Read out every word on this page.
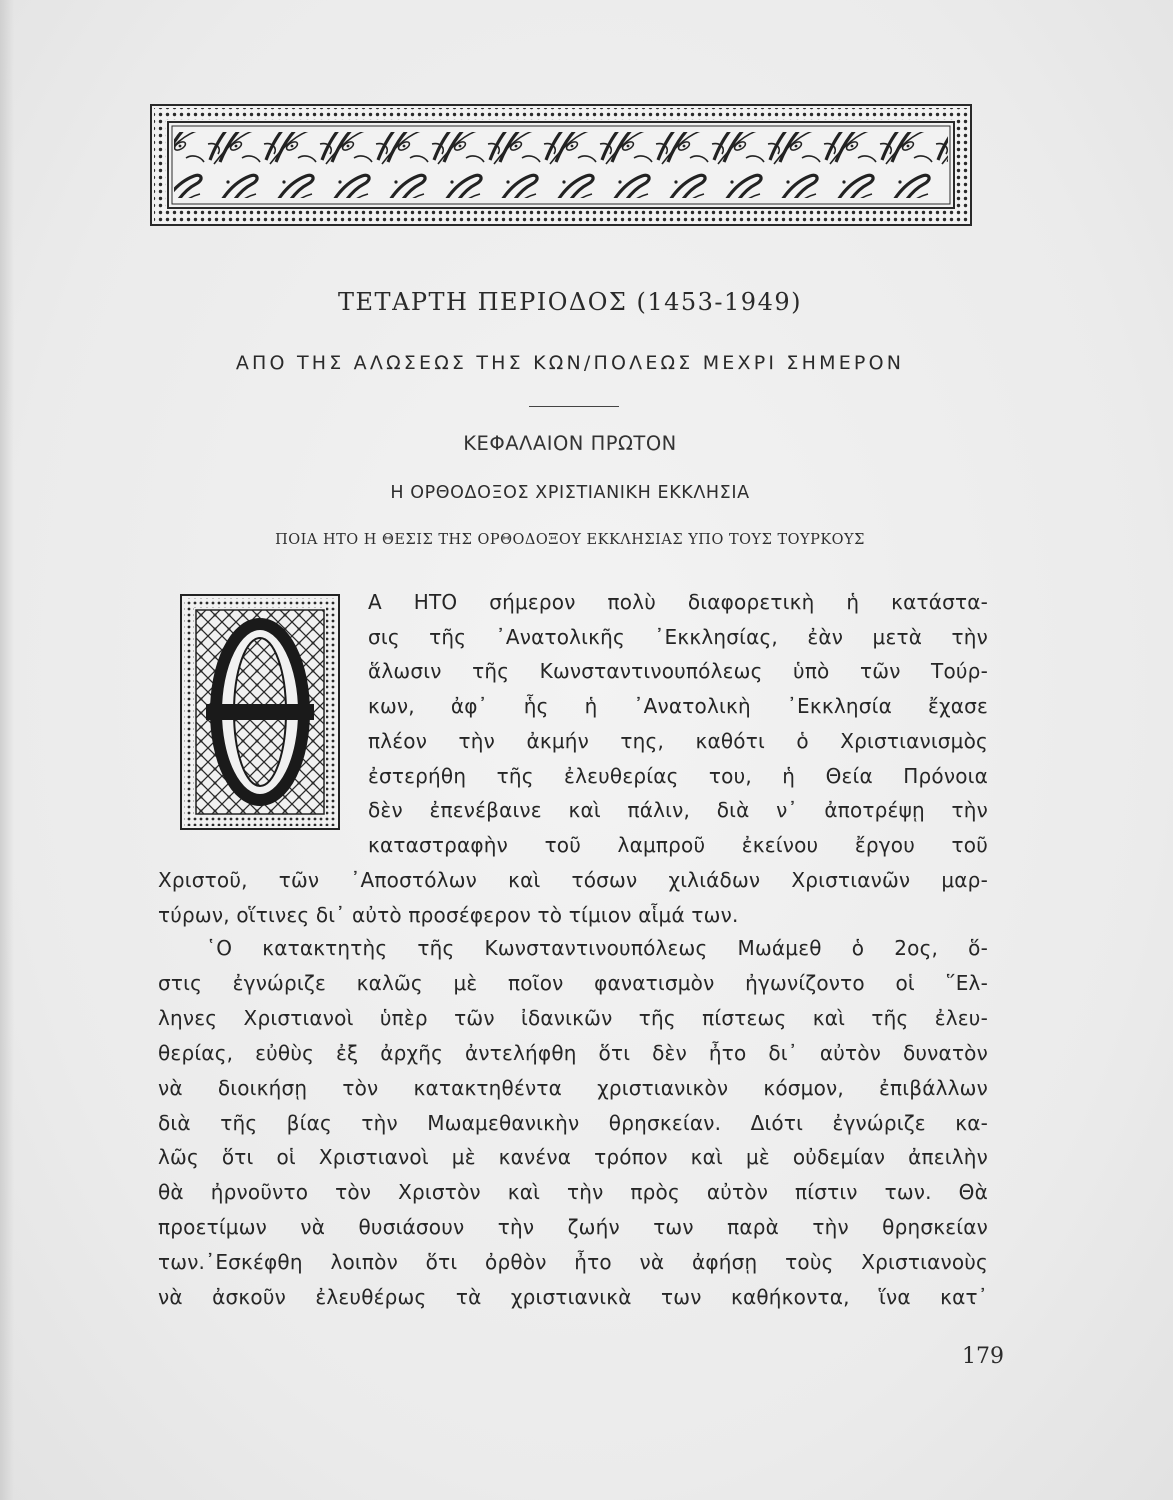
ΤΕΤΑΡΤΗ ΠΕΡΙΟΔΟΣ (1453-1949)
ΑΠΟ ΤΗΣ ΑΛΩΣΕΩΣ ΤΗΣ ΚΩΝ/ΠΟΛΕΩΣ ΜΕΧΡΙ ΣΗΜΕΡΟΝ
ΚΕΦΑΛΑΙΟΝ ΠΡΩΤΟΝ
Η ΟΡΘΟΔΟΞΟΣ ΧΡΙΣΤΙΑΝΙΚΗ ΕΚΚΛΗΣΙΑ
ΠΟΙΑ ΗΤΟ Η ΘΕΣΙΣ ΤΗΣ ΟΡΘΟΔΟΞΟΥ ΕΚΚΛΗΣΙΑΣ ΥΠΟ ΤΟΥΣ ΤΟΥΡΚΟΥΣ
Θ
Α ΗΤΟ σήμερον πολὺ διαφορετικὴ ἡ κατάστα-
σις τῆς ᾿Ανατολικῆς ᾿Εκκλησίας, ἐὰν μετὰ τὴν
ἅλωσιν τῆς Κωνσταντινουπόλεως ὑπὸ τῶν Τούρ-
κων, ἀφ᾿ ἧς ἡ ᾿Ανατολικὴ ᾿Εκκλησία ἔχασε
πλέον τὴν ἀκμήν της, καθότι ὁ Χριστιανισμὸς
ἐστερήθη τῆς ἐλευθερίας του, ἡ Θεία Πρόνοια
δὲν ἐπενέβαινε καὶ πάλιν, διὰ ν᾿ ἀποτρέψῃ τὴν
καταστραφὴν τοῦ λαμπροῦ ἐκείνου ἔργου τοῦ
Χριστοῦ, τῶν ᾿Αποστόλων καὶ τόσων χιλιάδων Χριστιανῶν μαρ-
τύρων, οἵτινες δι᾿ αὐτὸ προσέφερον τὸ τίμιον αἷμά των.
῾Ο κατακτητὴς τῆς Κωνσταντινουπόλεως Μωάμεθ ὁ 2ος, ὅ-
στις ἐγνώριζε καλῶς μὲ ποῖον φανατισμὸν ἠγωνίζοντο οἱ ῞Ελ-
ληνες Χριστιανοὶ ὑπὲρ τῶν ἰδανικῶν τῆς πίστεως καὶ τῆς ἐλευ-
θερίας, εὐθὺς ἐξ ἀρχῆς ἀντελήφθη ὅτι δὲν ἦτο δι᾿ αὐτὸν δυνατὸν
νὰ διοικήσῃ τὸν κατακτηθέντα χριστιανικὸν κόσμον, ἐπιβάλλων
διὰ τῆς βίας τὴν Μωαμεθανικὴν θρησκείαν. Διότι ἐγνώριζε κα-
λῶς ὅτι οἱ Χριστιανοὶ μὲ κανένα τρόπον καὶ μὲ οὐδεμίαν ἀπειλὴν
θὰ ἠρνοῦντο τὸν Χριστὸν καὶ τὴν πρὸς αὐτὸν πίστιν των. Θὰ
προετίμων νὰ θυσιάσουν τὴν ζωήν των παρὰ τὴν θρησκείαν
των.᾿Εσκέφθη λοιπὸν ὅτι ὀρθὸν ἦτο νὰ ἀφήσῃ τοὺς Χριστιανοὺς
νὰ ἀσκοῦν ἐλευθέρως τὰ χριστιανικὰ των καθήκοντα, ἵνα κατ᾿
179
